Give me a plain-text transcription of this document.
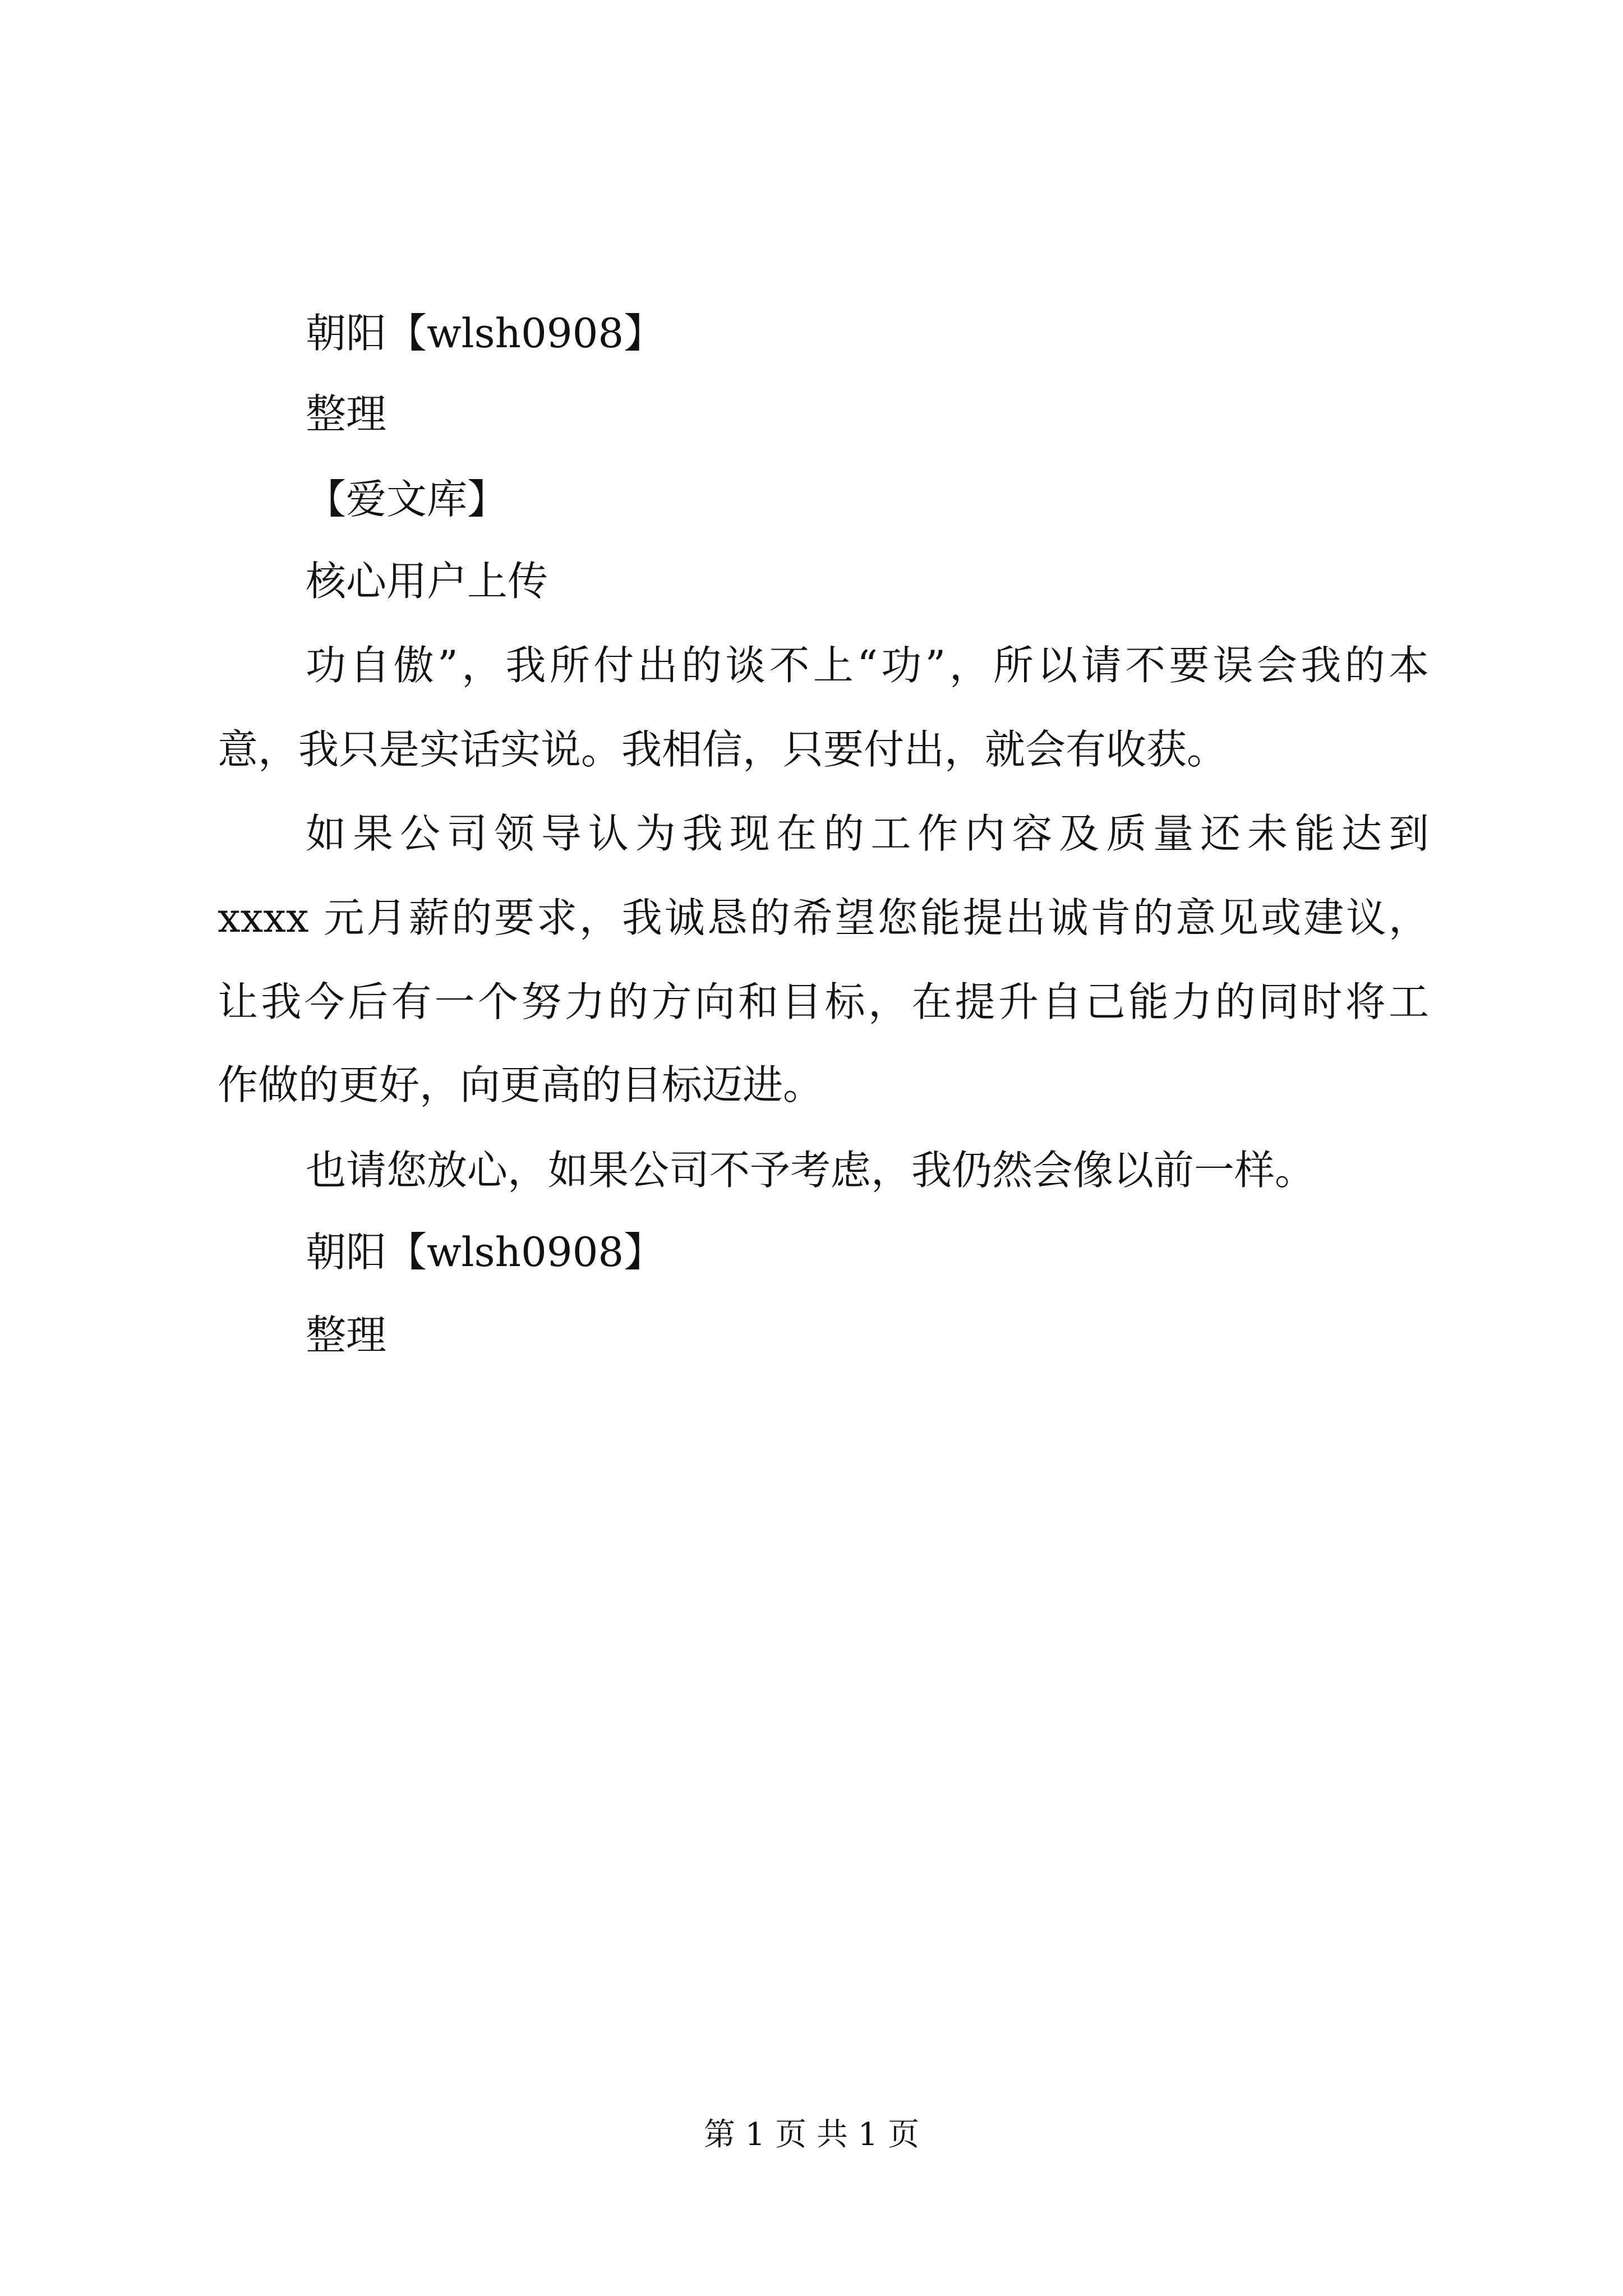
朝阳【wlsh0908】
整理
【爱文库】
核心用户上传
功自傲”，我所付出的谈不上“功”，所以请不要误会我的本
意，我只是实话实说。我相信，只要付出，就会有收获。
如果公司领导认为我现在的工作内容及质量还未能达到
xxxx 元月薪的要求，我诚恳的希望您能提出诚肯的意见或建议，
让我今后有一个努力的方向和目标，在提升自己能力的同时将工
作做的更好，向更高的目标迈进。
也请您放心，如果公司不予考虑，我仍然会像以前一样。
朝阳【wlsh0908】
整理
第 1 页 共 1 页
